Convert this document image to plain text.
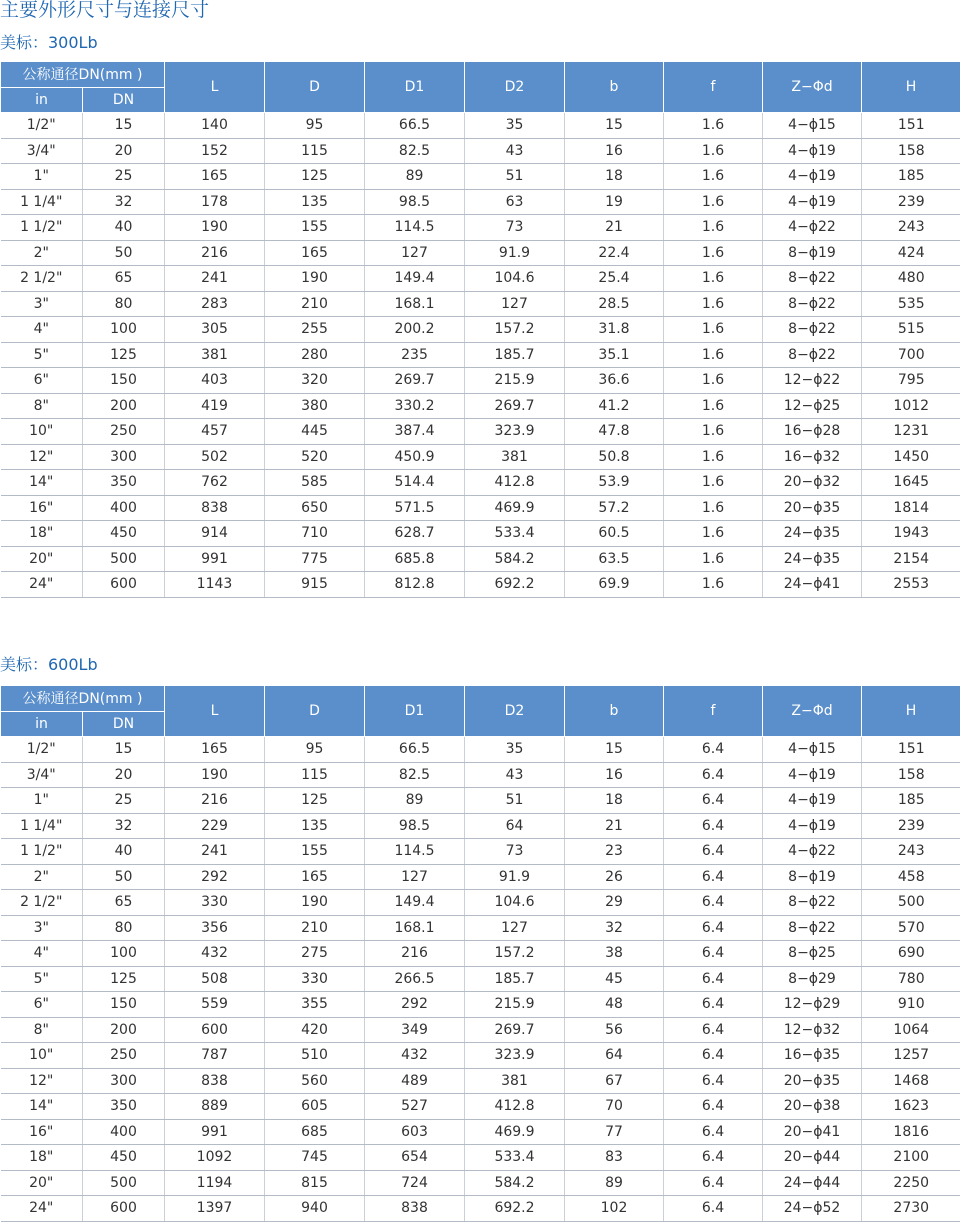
主要外形尺寸与连接尺寸
美标：300Lb
公称通径DN(mm )		L	D	D1	D2	b	f	Z−Φd	H
in	DN								
1/2"	15	140	95	66.5	35	15	1.6	4−ϕ15	151
3/4"	20	152	115	82.5	43	16	1.6	4−ϕ19	158
1"	25	165	125	89	51	18	1.6	4−ϕ19	185
1 1/4"	32	178	135	98.5	63	19	1.6	4−ϕ19	239
1 1/2"	40	190	155	114.5	73	21	1.6	4−ϕ22	243
2"	50	216	165	127	91.9	22.4	1.6	8−ϕ19	424
2 1/2"	65	241	190	149.4	104.6	25.4	1.6	8−ϕ22	480
3"	80	283	210	168.1	127	28.5	1.6	8−ϕ22	535
4"	100	305	255	200.2	157.2	31.8	1.6	8−ϕ22	515
5"	125	381	280	235	185.7	35.1	1.6	8−ϕ22	700
6"	150	403	320	269.7	215.9	36.6	1.6	12−ϕ22	795
8"	200	419	380	330.2	269.7	41.2	1.6	12−ϕ25	1012
10"	250	457	445	387.4	323.9	47.8	1.6	16−ϕ28	1231
12"	300	502	520	450.9	381	50.8	1.6	16−ϕ32	1450
14"	350	762	585	514.4	412.8	53.9	1.6	20−ϕ32	1645
16"	400	838	650	571.5	469.9	57.2	1.6	20−ϕ35	1814
18"	450	914	710	628.7	533.4	60.5	1.6	24−ϕ35	1943
20"	500	991	775	685.8	584.2	63.5	1.6	24−ϕ35	2154
24"	600	1143	915	812.8	692.2	69.9	1.6	24−ϕ41	2553
美标：600Lb
公称通径DN(mm )		L	D	D1	D2	b	f	Z−Φd	H
in	DN								
1/2"	15	165	95	66.5	35	15	6.4	4−ϕ15	151
3/4"	20	190	115	82.5	43	16	6.4	4−ϕ19	158
1"	25	216	125	89	51	18	6.4	4−ϕ19	185
1 1/4"	32	229	135	98.5	64	21	6.4	4−ϕ19	239
1 1/2"	40	241	155	114.5	73	23	6.4	4−ϕ22	243
2"	50	292	165	127	91.9	26	6.4	8−ϕ19	458
2 1/2"	65	330	190	149.4	104.6	29	6.4	8−ϕ22	500
3"	80	356	210	168.1	127	32	6.4	8−ϕ22	570
4"	100	432	275	216	157.2	38	6.4	8−ϕ25	690
5"	125	508	330	266.5	185.7	45	6.4	8−ϕ29	780
6"	150	559	355	292	215.9	48	6.4	12−ϕ29	910
8"	200	600	420	349	269.7	56	6.4	12−ϕ32	1064
10"	250	787	510	432	323.9	64	6.4	16−ϕ35	1257
12"	300	838	560	489	381	67	6.4	20−ϕ35	1468
14"	350	889	605	527	412.8	70	6.4	20−ϕ38	1623
16"	400	991	685	603	469.9	77	6.4	20−ϕ41	1816
18"	450	1092	745	654	533.4	83	6.4	20−ϕ44	2100
20"	500	1194	815	724	584.2	89	6.4	24−ϕ44	2250
24"	600	1397	940	838	692.2	102	6.4	24−ϕ52	2730
